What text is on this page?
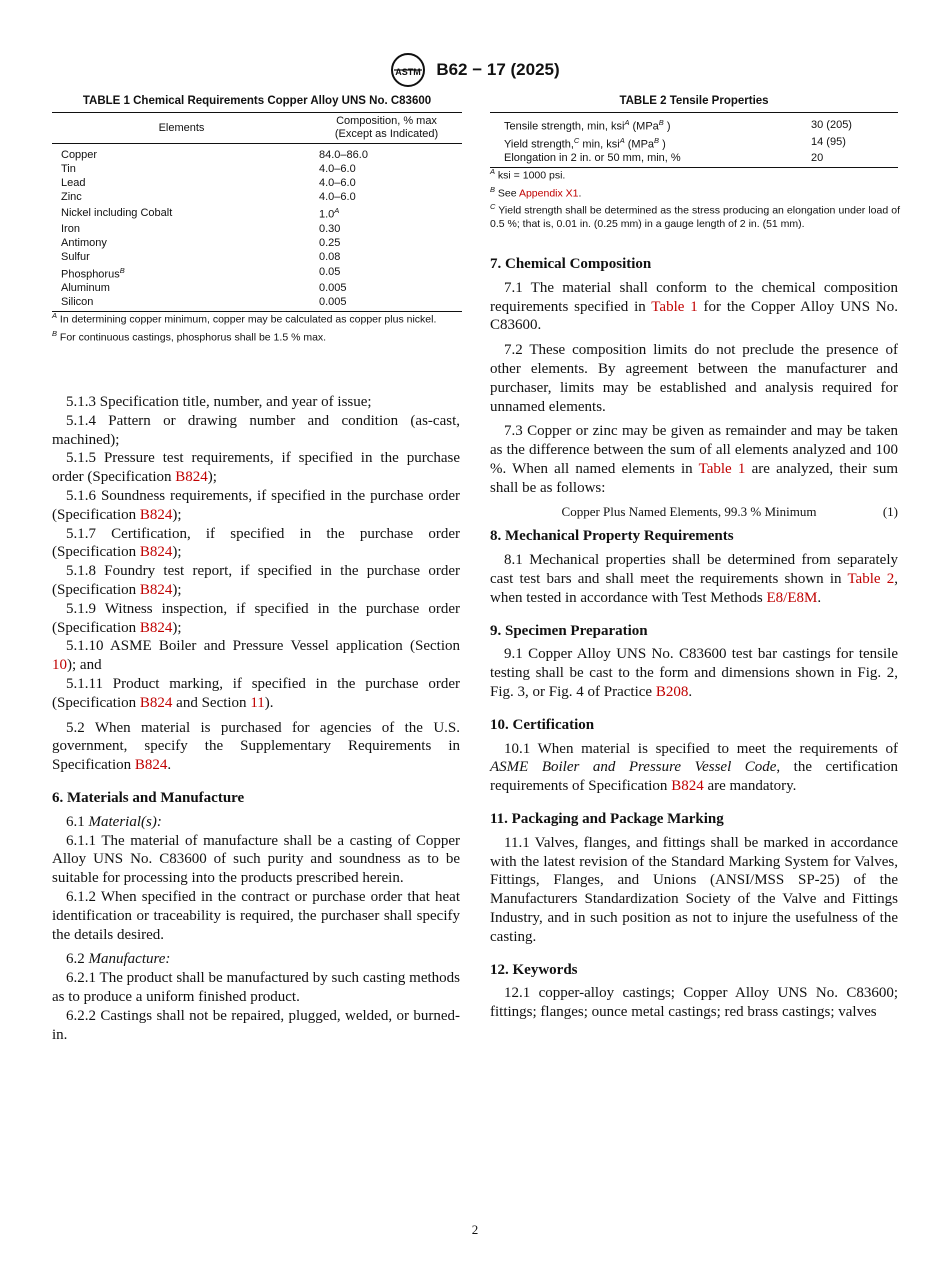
ASTM B62 − 17 (2025)
TABLE 1 Chemical Requirements Copper Alloy UNS No. C83600
Elements	Composition, % max
(Except as Indicated)
Copper	84.0–86.0
Tin	4.0–6.0
Lead	4.0–6.0
Zinc	4.0–6.0
Nickel including Cobalt	$1.0^A$
Iron	0.30
Antimony	0.25
Sulfur	0.08
Phosphorus$^B$	0.05
Aluminum	0.005
Silicon	0.005
$^A$ In determining copper minimum, copper may be calculated as copper plus nickel.
$^B$ For continuous castings, phosphorus shall be 1.5 % max.
TABLE 2 Tensile Properties
Tensile strength, min, ksi$^A$ (MPa$^B$ )	30 (205)
Yield strength,$^C$ min, ksi$^A$ (MPa$^B$ )	14 (95)
Elongation in 2 in. or 50 mm, min, %	20
$^A$ ksi = 1000 psi.
$^B$ See Appendix X1.
$^C$ Yield strength shall be determined as the stress producing an elongation under load of 0.5 %; that is, 0.01 in. (0.25 mm) in a gauge length of 2 in. (51 mm).

5.1.3 Specification title, number, and year of issue;

5.1.4 Pattern or drawing number and condition (as-cast, machined);

5.1.5 Pressure test requirements, if specified in the purchase order (Specification B824);

5.1.6 Soundness requirements, if specified in the purchase order (Specification B824);

5.1.7 Certification, if specified in the purchase order (Specification B824);

5.1.8 Foundry test report, if specified in the purchase order (Specification B824);

5.1.9 Witness inspection, if specified in the purchase order (Specification B824);

5.1.10 ASME Boiler and Pressure Vessel application (Section 10); and

5.1.11 Product marking, if specified in the purchase order (Specification B824 and Section 11).

5.2 When material is purchased for agencies of the U.S. government, specify the Supplementary Requirements in Specification B824.

6. Materials and Manufacture

6.1 Material(s):

6.1.1 The material of manufacture shall be a casting of Copper Alloy UNS No. C83600 of such purity and soundness as to be suitable for processing into the products prescribed herein.

6.1.2 When specified in the contract or purchase order that heat identification or traceability is required, the purchaser shall specify the details desired.

6.2 Manufacture:

6.2.1 The product shall be manufactured by such casting methods as to produce a uniform finished product.

6.2.2 Castings shall not be repaired, plugged, welded, or burned-in.

7. Chemical Composition

7.1 The material shall conform to the chemical composition requirements specified in Table 1 for the Copper Alloy UNS No. C83600.

7.2 These composition limits do not preclude the presence of other elements. By agreement between the manufacturer and purchaser, limits may be established and analysis required for unnamed elements.

7.3 Copper or zinc may be given as remainder and may be taken as the difference between the sum of all elements analyzed and 100 %. When all named elements in Table 1 are analyzed, their sum shall be as follows:

Copper Plus Named Elements, 99.3 % Minimum	(1)
8. Mechanical Property Requirements

8.1 Mechanical properties shall be determined from separately cast test bars and shall meet the requirements shown in Table 2, when tested in accordance with Test Methods E8/E8M.

9. Specimen Preparation

9.1 Copper Alloy UNS No. C83600 test bar castings for tensile testing shall be cast to the form and dimensions shown in Fig. 2, Fig. 3, or Fig. 4 of Practice B208.

10. Certification

10.1 When material is specified to meet the requirements of ASME Boiler and Pressure Vessel Code, the certification requirements of Specification B824 are mandatory.

11. Packaging and Package Marking

11.1 Valves, flanges, and fittings shall be marked in accordance with the latest revision of the Standard Marking System for Valves, Fittings, Flanges, and Unions (ANSI/MSS SP-25) of the Manufacturers Standardization Society of the Valve and Fittings Industry, and in such position as not to injure the usefulness of the casting.

12. Keywords

12.1 copper-alloy castings; Copper Alloy UNS No. C83600; fittings; flanges; ounce metal castings; red brass castings; valves

2
